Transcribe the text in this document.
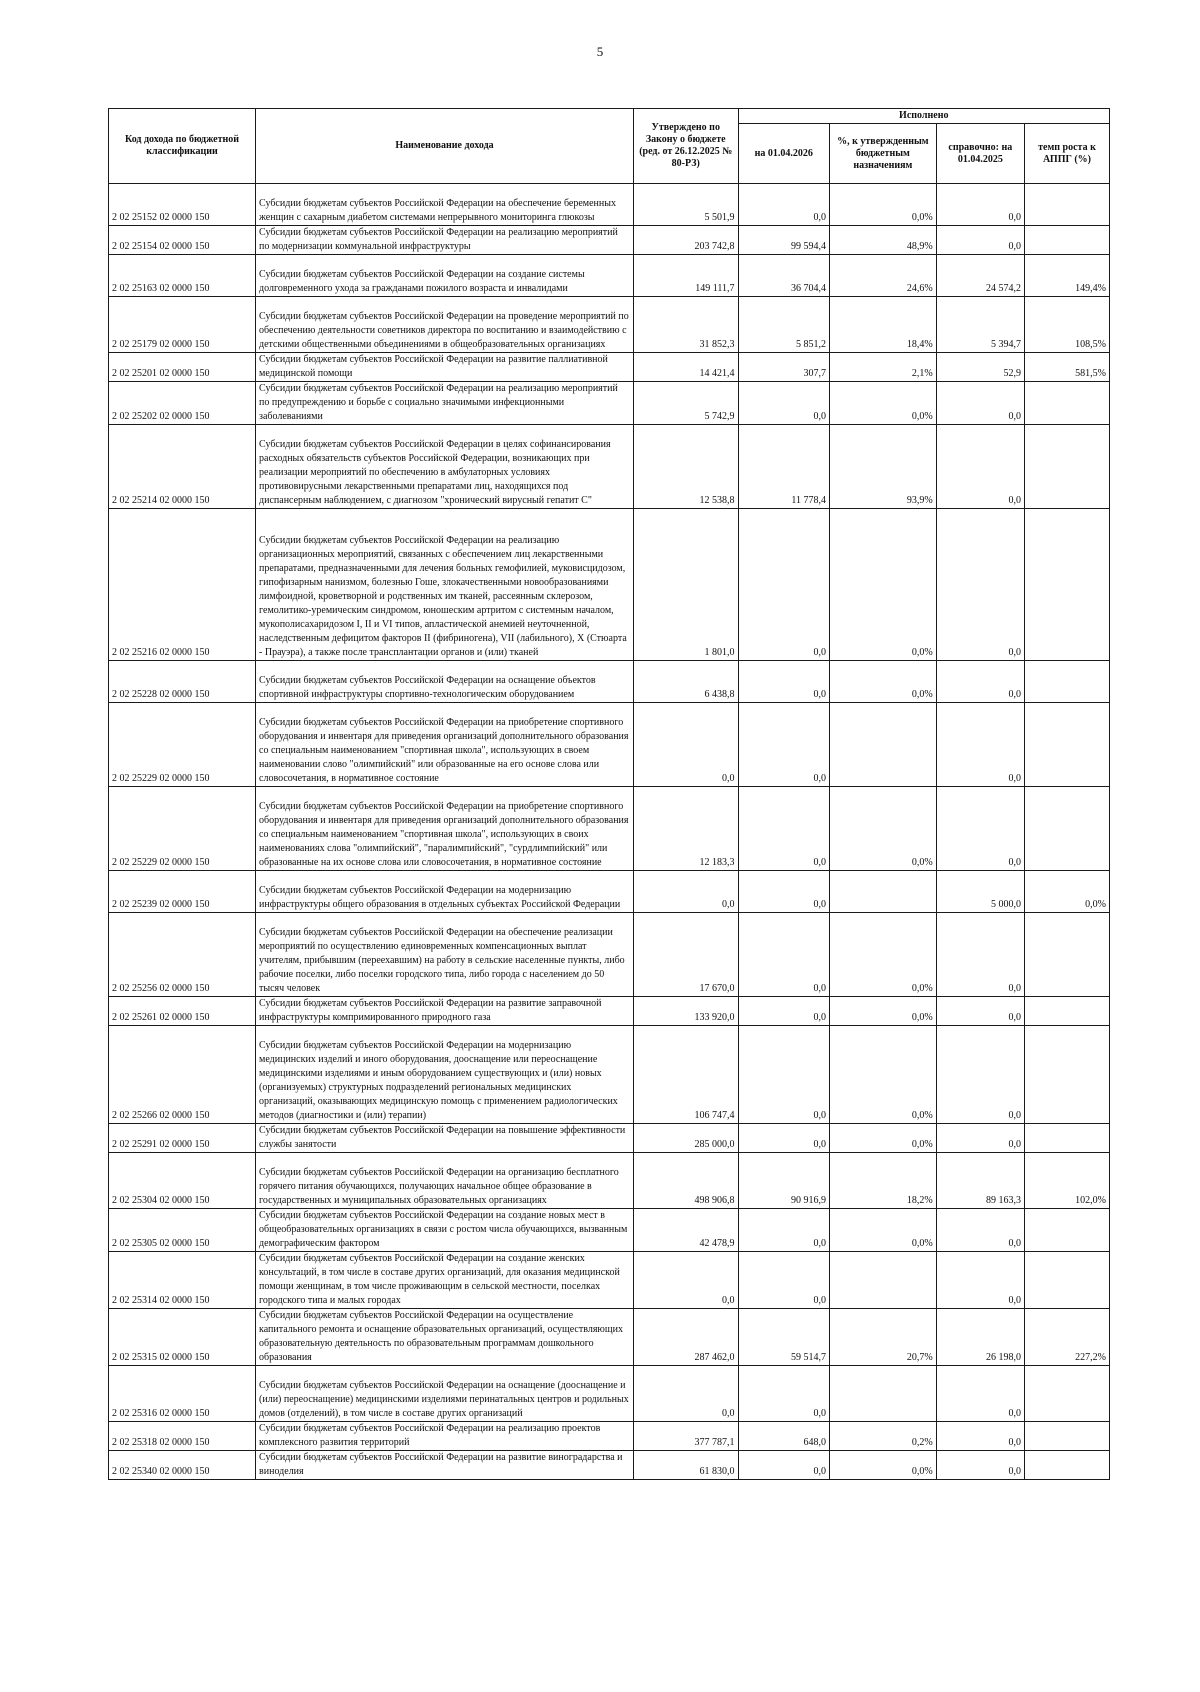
5
Код дохода по бюджетной классификации	Наименование дохода	Утверждено по Закону о бюджете (ред. от 26.12.2025 № 80-РЗ)	Исполнено			
			на 01.04.2026	%, к утвержденным бюджетным назначениям	справочно: на 01.04.2025	темп роста к АППГ (%)
2 02 25152 02 0000 150	Субсидии бюджетам субъектов Российской Федерации на обеспечение беременных женщин с сахарным диабетом системами непрерывного мониторинга глюкозы	5 501,9	0,0	0,0%	0,0	
2 02 25154 02 0000 150	Субсидии бюджетам субъектов Российской Федерации на реализацию мероприятий по модернизации коммунальной инфраструктуры	203 742,8	99 594,4	48,9%	0,0	
2 02 25163 02 0000 150	Субсидии бюджетам субъектов Российской Федерации на создание системы долговременного ухода за гражданами пожилого возраста и инвалидами	149 111,7	36 704,4	24,6%	24 574,2	149,4%
2 02 25179 02 0000 150	Субсидии бюджетам субъектов Российской Федерации на проведение мероприятий по обеспечению деятельности советников директора по воспитанию и взаимодействию с детскими общественными объединениями в общеобразовательных организациях	31 852,3	5 851,2	18,4%	5 394,7	108,5%
2 02 25201 02 0000 150	Субсидии бюджетам субъектов Российской Федерации на развитие паллиативной медицинской помощи	14 421,4	307,7	2,1%	52,9	581,5%
2 02 25202 02 0000 150	Субсидии бюджетам субъектов Российской Федерации на реализацию мероприятий по предупреждению и борьбе с социально значимыми инфекционными заболеваниями	5 742,9	0,0	0,0%	0,0	
2 02 25214 02 0000 150	Субсидии бюджетам субъектов Российской Федерации в целях софинансирования расходных обязательств субъектов Российской Федерации, возникающих при реализации мероприятий по обеспечению в амбулаторных условиях противовирусными лекарственными препаратами лиц, находящихся под диспансерным наблюдением, с диагнозом "хронический вирусный гепатит С"	12 538,8	11 778,4	93,9%	0,0	
2 02 25216 02 0000 150	Субсидии бюджетам субъектов Российской Федерации на реализацию организационных мероприятий, связанных с обеспечением лиц лекарственными препаратами, предназначенными для лечения больных гемофилией, муковисцидозом, гипофизарным нанизмом, болезнью Гоше, злокачественными новообразованиями лимфоидной, кроветворной и родственных им тканей, рассеянным склерозом, гемолитико-уремическим синдромом, юношеским артритом с системным началом, мукополисахаридозом I, II и VI типов, апластической анемией неуточненной, наследственным дефицитом факторов II (фибриногена), VII (лабильного), X (Стюарта - Прауэра), а также после трансплантации органов и (или) тканей	1 801,0	0,0	0,0%	0,0	
2 02 25228 02 0000 150	Субсидии бюджетам субъектов Российской Федерации на оснащение объектов спортивной инфраструктуры спортивно-технологическим оборудованием	6 438,8	0,0	0,0%	0,0	
2 02 25229 02 0000 150	Субсидии бюджетам субъектов Российской Федерации на приобретение спортивного оборудования и инвентаря для приведения организаций дополнительного образования со специальным наименованием "спортивная школа", использующих в своем наименовании слово "олимпийский" или образованные на его основе слова или словосочетания, в нормативное состояние	0,0	0,0		0,0	
2 02 25229 02 0000 150	Субсидии бюджетам субъектов Российской Федерации на приобретение спортивного оборудования и инвентаря для приведения организаций дополнительного образования со специальным наименованием "спортивная школа", использующих в своих наименованиях слова "олимпийский", "паралимпийский", "сурдлимпийский" или образованные на их основе слова или словосочетания, в нормативное состояние	12 183,3	0,0	0,0%	0,0	
2 02 25239 02 0000 150	Субсидии бюджетам субъектов Российской Федерации на модернизацию инфраструктуры общего образования в отдельных субъектах Российской Федерации	0,0	0,0		5 000,0	0,0%
2 02 25256 02 0000 150	Субсидии бюджетам субъектов Российской Федерации на обеспечение реализации мероприятий по осуществлению единовременных компенсационных выплат учителям, прибывшим (переехавшим) на работу в сельские населенные пункты, либо рабочие поселки, либо поселки городского типа, либо города с населением до 50 тысяч человек	17 670,0	0,0	0,0%	0,0	
2 02 25261 02 0000 150	Субсидии бюджетам субъектов Российской Федерации на развитие заправочной инфраструктуры компримированного природного газа	133 920,0	0,0	0,0%	0,0	
2 02 25266 02 0000 150	Субсидии бюджетам субъектов Российской Федерации на модернизацию медицинских изделий и иного оборудования, дооснащение или переоснащение медицинскими изделиями и иным оборудованием существующих и (или) новых (организуемых) структурных подразделений региональных медицинских организаций, оказывающих медицинскую помощь с применением радиологических методов (диагностики и (или) терапии)	106 747,4	0,0	0,0%	0,0	
2 02 25291 02 0000 150	Субсидии бюджетам субъектов Российской Федерации на повышение эффективности службы занятости	285 000,0	0,0	0,0%	0,0	
2 02 25304 02 0000 150	Субсидии бюджетам субъектов Российской Федерации на организацию бесплатного горячего питания обучающихся, получающих начальное общее образование в государственных и муниципальных образовательных организациях	498 906,8	90 916,9	18,2%	89 163,3	102,0%
2 02 25305 02 0000 150	Субсидии бюджетам субъектов Российской Федерации на создание новых мест в общеобразовательных организациях в связи с ростом числа обучающихся, вызванным демографическим фактором	42 478,9	0,0	0,0%	0,0	
2 02 25314 02 0000 150	Субсидии бюджетам субъектов Российской Федерации на создание женских консультаций, в том числе в составе других организаций, для оказания медицинской помощи женщинам, в том числе проживающим в сельской местности, поселках городского типа и малых городах	0,0	0,0		0,0	
2 02 25315 02 0000 150	Субсидии бюджетам субъектов Российской Федерации на осуществление капитального ремонта и оснащение образовательных организаций, осуществляющих образовательную деятельность по образовательным программам дошкольного образования	287 462,0	59 514,7	20,7%	26 198,0	227,2%
2 02 25316 02 0000 150	Субсидии бюджетам субъектов Российской Федерации на оснащение (дооснащение и (или) переоснащение) медицинскими изделиями перинатальных центров и родильных домов (отделений), в том числе в составе других организаций	0,0	0,0		0,0	
2 02 25318 02 0000 150	Субсидии бюджетам субъектов Российской Федерации на реализацию проектов комплексного развития территорий	377 787,1	648,0	0,2%	0,0	
2 02 25340 02 0000 150	Субсидии бюджетам субъектов Российской Федерации на развитие виноградарства и виноделия	61 830,0	0,0	0,0%	0,0	
